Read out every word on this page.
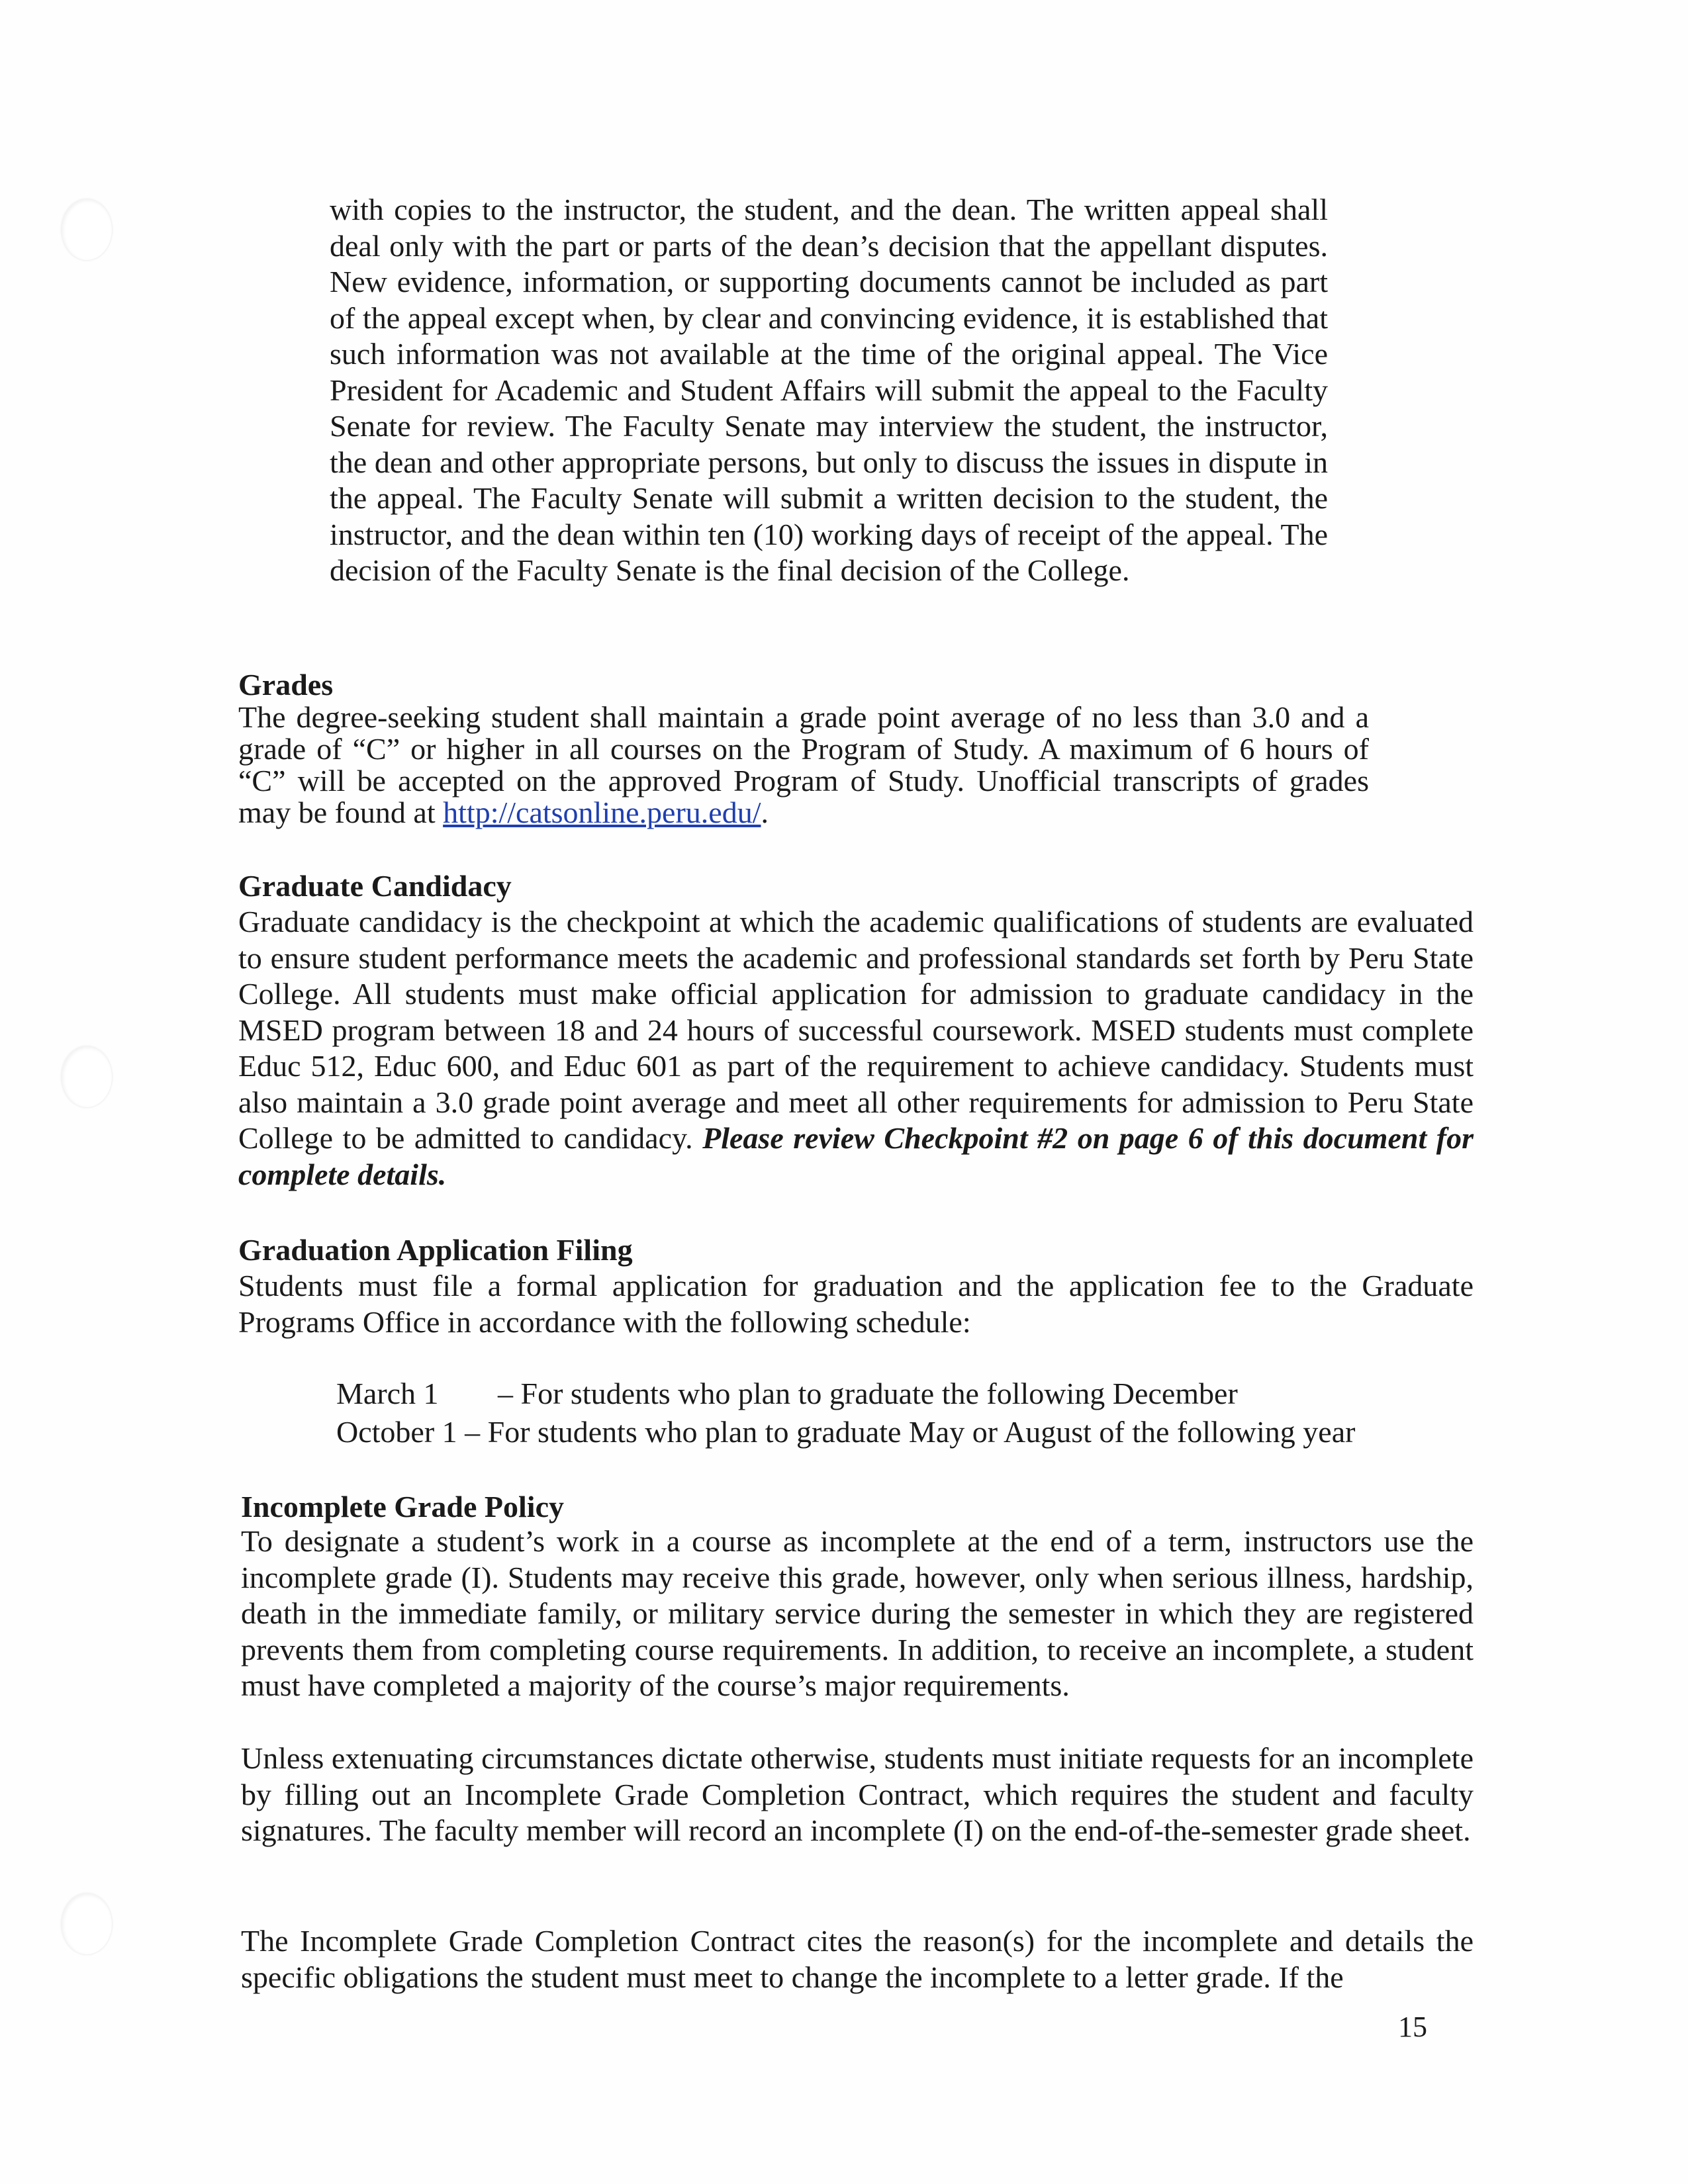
with copies to the instructor, the student, and the dean. The written appeal shall deal only with the part or parts of the dean’s decision that the appellant disputes. New evidence, information, or supporting documents cannot be included as part of the appeal except when, by clear and convincing evidence, it is established that such information was not available at the time of the original appeal. The Vice President for Academic and Student Affairs will submit the appeal to the Faculty Senate for review. The Faculty Senate may interview the student, the instructor, the dean and other appropriate persons, but only to discuss the issues in dispute in the appeal. The Faculty Senate will submit a written decision to the student, the instructor, and the dean within ten (10) working days of receipt of the appeal. The decision of the Faculty Senate is the final decision of the College.

Grades

The degree-seeking student shall maintain a grade point average of no less than 3.0 and a grade of “C” or higher in all courses on the Program of Study. A maximum of 6 hours of “C” will be accepted on the approved Program of Study. Unofficial transcripts of grades may be found at http://catsonline.peru.edu/.

Graduate Candidacy

Graduate candidacy is the checkpoint at which the academic qualifications of students are evaluated to ensure student performance meets the academic and professional standards set forth by Peru State College. All students must make official application for admission to graduate candidacy in the MSED program between 18 and 24 hours of successful coursework. MSED students must complete Educ 512, Educ 600, and Educ 601 as part of the requirement to achieve candidacy. Students must also maintain a 3.0 grade point average and meet all other requirements for admission to Peru State College to be admitted to candidacy. Please review Checkpoint #2 on page 6 of this document for complete details.

Graduation Application Filing

Students must file a formal application for graduation and the application fee to the Graduate Programs Office in accordance with the following schedule:

March 1 – For students who plan to graduate the following December
October 1 – For students who plan to graduate May or August of the following year
Incomplete Grade Policy

To designate a student’s work in a course as incomplete at the end of a term, instructors use the incomplete grade (I). Students may receive this grade, however, only when serious illness, hardship, death in the immediate family, or military service during the semester in which they are registered prevents them from completing course requirements. In addition, to receive an incomplete, a student must have completed a majority of the course’s major requirements.

Unless extenuating circumstances dictate otherwise, students must initiate requests for an incomplete by filling out an Incomplete Grade Completion Contract, which requires the student and faculty signatures. The faculty member will record an incomplete (I) on the end-of-the-semester grade sheet.

The Incomplete Grade Completion Contract cites the reason(s) for the incomplete and details the specific obligations the student must meet to change the incomplete to a letter grade. If the

15
